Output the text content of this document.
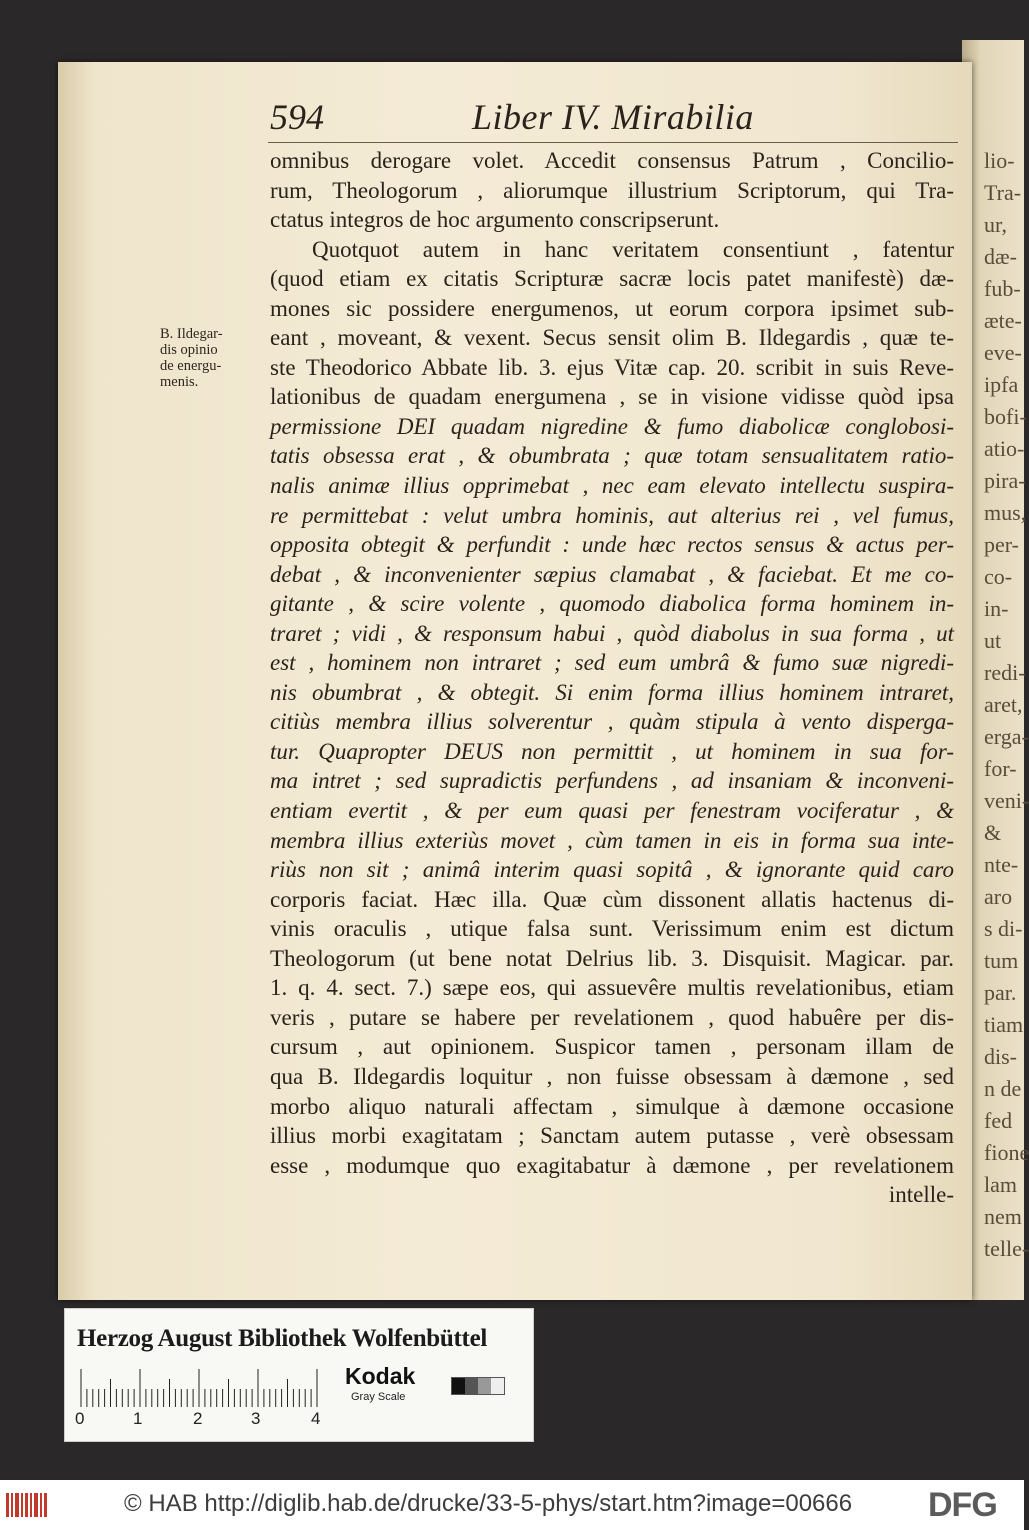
lio-
Tra-
ur,
dæ-
fub-
æte-
eve-
ipfa
bofi-
atio-
pira-
mus,
per-
co-
in-
ut
redi-
aret,
erga-
for-
veni-
&
nte-
aro
s di-
tum
par.
tiam
dis-
n de
fed
fione
lam
nem
telle-
594	Liber IV. Mirabilia
B. Ildegar-
dis opinio
de energu-
menis.
omnibus derogare volet. Accedit consensus Patrum , Concilio-
rum, Theologorum , aliorumque illustrium Scriptorum, qui Tra-
ctatus integros de hoc argumento conscripserunt.
Quotquot autem in hanc veritatem consentiunt , fatentur
(quod etiam ex citatis Scripturæ sacræ locis patet manifestè) dæ-
mones sic possidere energumenos, ut eorum corpora ipsimet sub-
eant , moveant, & vexent. Secus sensit olim B. Ildegardis , quæ te-
ste Theodorico Abbate lib. 3. ejus Vitæ cap. 20. scribit in suis Reve-
lationibus de quadam energumena , se in visione vidisse quòd ipsa
permissione DEI quadam nigredine & fumo diabolicæ conglobosi-
tatis obsessa erat , & obumbrata ; quæ totam sensualitatem ratio-
nalis animæ illius opprimebat , nec eam elevato intellectu suspira-
re permittebat : velut umbra hominis, aut alterius rei , vel fumus,
opposita obtegit & perfundit : unde hæc rectos sensus & actus per-
debat , & inconvenienter sæpius clamabat , & faciebat. Et me co-
gitante , & scire volente , quomodo diabolica forma hominem in-
traret ; vidi , & responsum habui , quòd diabolus in sua forma , ut
est , hominem non intraret ; sed eum umbrâ & fumo suæ nigredi-
nis obumbrat , & obtegit. Si enim forma illius hominem intraret,
citiùs membra illius solverentur , quàm stipula à vento disperga-
tur. Quapropter DEUS non permittit , ut hominem in sua for-
ma intret ; sed supradictis perfundens , ad insaniam & inconveni-
entiam evertit , & per eum quasi per fenestram vociferatur , &
membra illius exteriùs movet , cùm tamen in eis in forma sua inte-
riùs non sit ; animâ interim quasi sopitâ , & ignorante quid caro
corporis faciat. Hæc illa. Quæ cùm dissonent allatis hactenus di-
vinis oraculis , utique falsa sunt. Verissimum enim est dictum
Theologorum (ut bene notat Delrius lib. 3. Disquisit. Magicar. par.
1. q. 4. sect. 7.) sæpe eos, qui assuevêre multis revelationibus, etiam
veris , putare se habere per revelationem , quod habuêre per dis-
cursum , aut opinionem. Suspicor tamen , personam illam de
qua B. Ildegardis loquitur , non fuisse obsessam à dæmone , sed
morbo aliquo naturali affectam , simulque à dæmone occasione
illius morbi exagitatam ; Sanctam autem putasse , verè obsessam
esse , modumque quo exagitabatur à dæmone , per revelationem
intelle-
Herzog August Bibliothek Wolfenbüttel
0	1	2	3	4
Kodak
Gray Scale
© HAB http://diglib.hab.de/drucke/33-5-phys/start.htm?image=00666 DFG
